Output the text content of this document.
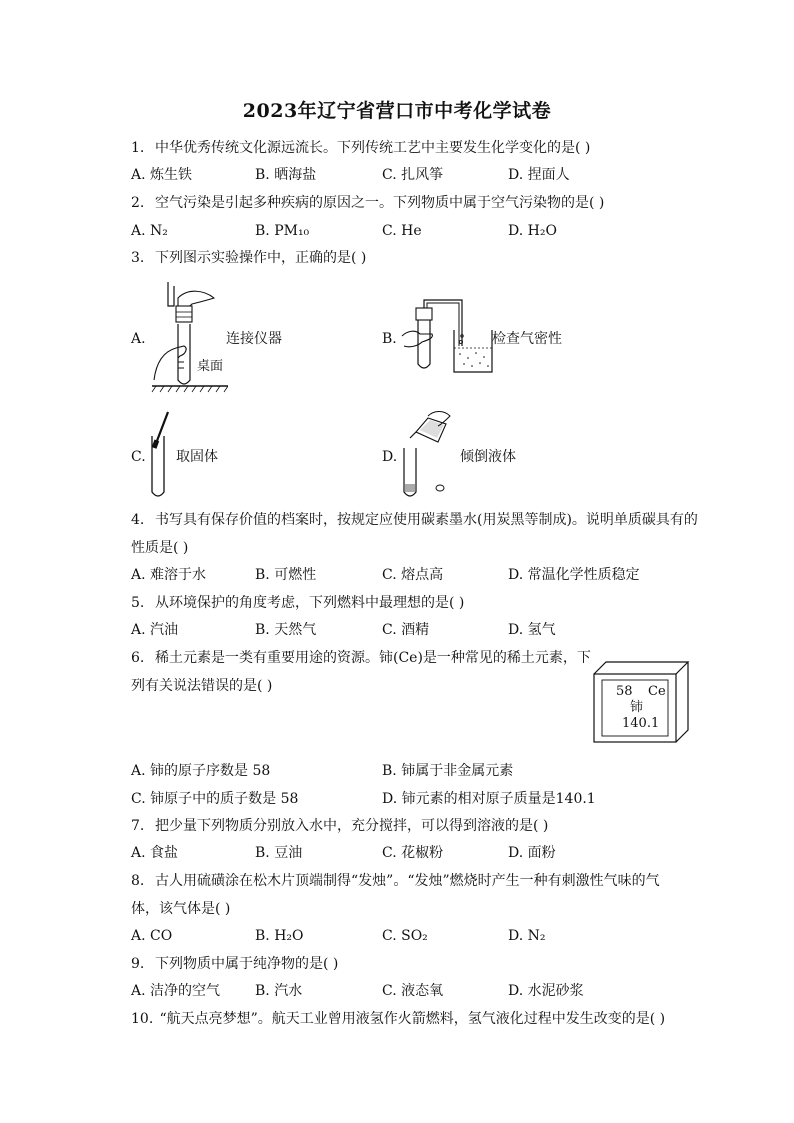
2023年辽宁省营口市中考化学试卷
1. 中华优秀传统文化源远流长。下列传统工艺中主要发生化学变化的是( )
A. 炼生铁	B. 晒海盐	C. 扎风筝	D. 捏面人
2. 空气污染是引起多种疾病的原因之一。下列物质中属于空气污染物的是( )
A. N₂	B. PM₁₀	C. He	D. H₂O
3. 下列图示实验操作中，正确的是( )
A.
桌面
连接仪器	B.	检查气密性
C. 取固体	D.	倾倒液体
4. 书写具有保存价值的档案时，按规定应使用碳素墨水(用炭黑等制成)。说明单质碳具有的
性质是( )
A. 难溶于水	B. 可燃性	C. 熔点高	D. 常温化学性质稳定
5. 从环境保护的角度考虑，下列燃料中最理想的是( )
A. 汽油	B. 天然气	C. 酒精	D. 氢气
6. 稀土元素是一类有重要用途的资源。铈(Ce)是一种常见的稀土元素，下
列有关说法错误的是( )	58 Ce
铈
140.1
A. 铈的原子序数是 58	B. 铈属于非金属元素
C. 铈原子中的质子数是 58	D. 铈元素的相对原子质量是140.1
7. 把少量下列物质分别放入水中，充分搅拌，可以得到溶液的是( )
A. 食盐	B. 豆油	C. 花椒粉	D. 面粉
8. 古人用硫磺涂在松木片顶端制得“发烛”。“发烛”燃烧时产生一种有刺激性气味的气
体，该气体是( )
A. CO	B. H₂O	C. SO₂	D. N₂
9. 下列物质中属于纯净物的是( )
A. 洁净的空气 B. 汽水	C. 液态氧	D. 水泥砂浆
10. “航天点亮梦想”。航天工业曾用液氢作火箭燃料，氢气液化过程中发生改变的是( )
